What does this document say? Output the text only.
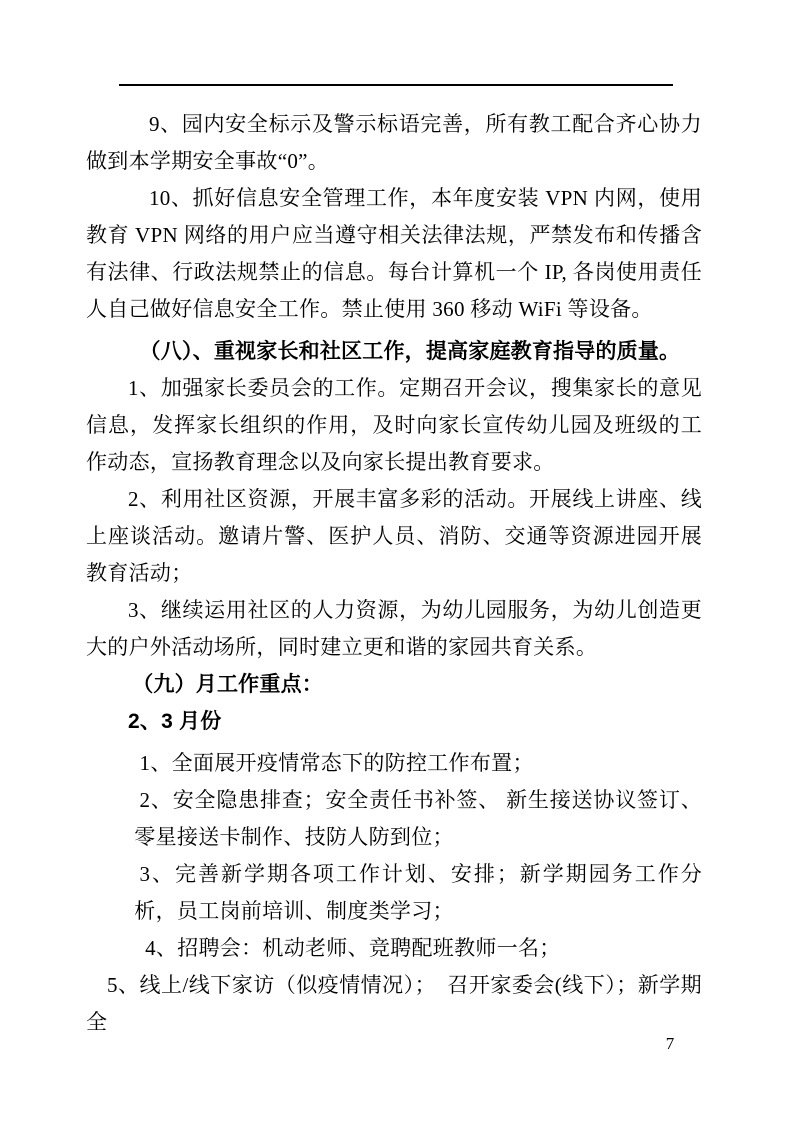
9、园内安全标示及警示标语完善，所有教工配合齐心协力做到本学期安全事故“0”。

10、抓好信息安全管理工作，本年度安装 VPN 内网，使用教育 VPN 网络的用户应当遵守相关法律法规，严禁发布和传播含有法律、行政法规禁止的信息。每台计算机一个 IP, 各岗使用责任人自己做好信息安全工作。禁止使用 360 移动 WiFi 等设备。

（八）、重视家长和社区工作，提高家庭教育指导的质量。

1、加强家长委员会的工作。定期召开会议，搜集家长的意见信息，发挥家长组织的作用，及时向家长宣传幼儿园及班级的工作动态，宣扬教育理念以及向家长提出教育要求。

2、利用社区资源，开展丰富多彩的活动。开展线上讲座、线上座谈活动。邀请片警、医护人员、消防、交通等资源进园开展教育活动；

3、继续运用社区的人力资源，为幼儿园服务，为幼儿创造更大的户外活动场所，同时建立更和谐的家园共育关系。

（九）月工作重点：

2、3 月份

1、全面展开疫情常态下的防控工作布置；

2、安全隐患排查；安全责任书补签、 新生接送协议签订、零星接送卡制作、技防人防到位；

3、完善新学期各项工作计划、安排；新学期园务工作分析，员工岗前培训、制度类学习；

4、招聘会：机动老师、竞聘配班教师一名；

5、线上/线下家访（似疫情情况）；  召开家委会(线下）；新学期全

7
